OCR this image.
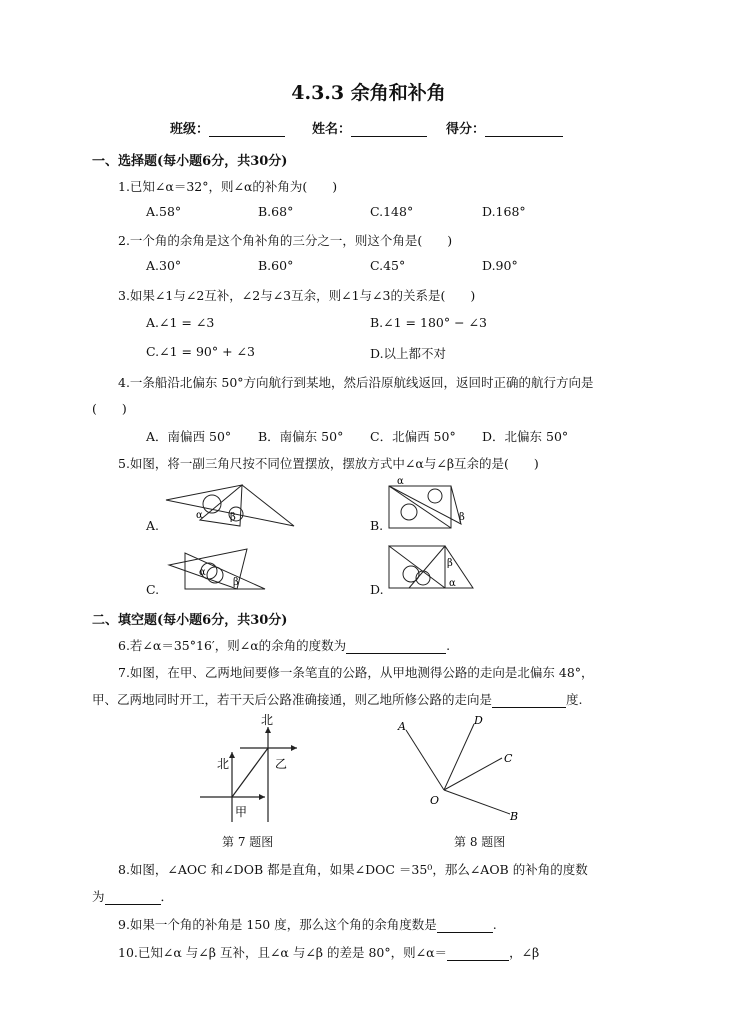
4.3.3 余角和补角
班级：	姓名：	得分：
一、选择题(每小题6分，共30分)
1.已知∠α＝32°，则∠α的补角为(　　)
A.58°	B.68°	C.148°	D.168°
2.一个角的余角是这个角补角的三分之一，则这个角是(　　)
A.30°	B.60°	C.45°	D.90°
3.如果∠1与∠2互补，∠2与∠3互余，则∠1与∠3的关系是(　　)
A.∠1 = ∠3	B.∠1 = 180° − ∠3
C.∠1 = 90° + ∠3	D.以上都不对
4.一条船沿北偏东 50°方向航行到某地，然后沿原航线返回，返回时正确的航行方向是
(　　)
A．南偏西 50° B．南偏东 50° C．北偏西 50° D．北偏东 50°
5.如图，将一副三角尺按不同位置摆放，摆放方式中∠α与∠β互余的是(　　)
A.
α	β
B.
α
β
C.
α
β	D.
β
α
二、填空题(每小题6分，共30分)
6.若∠α＝35°16′，则∠α的余角的度数为	.
7.如图，在甲、乙两地间要修一条笔直的公路，从甲地测得公路的走向是北偏东 48°，
甲、乙两地同时开工，若干天后公路准确接通，则乙地所修公路的走向是	度.
北
北	乙
甲
第 7 题图
A	D
C
O
B
第 8 题图
8.如图，∠AOC 和∠DOB 都是直角，如果∠DOC ＝35⁰，那么∠AOB 的补角的度数
为	．
9.如果一个角的补角是 150 度，那么这个角的余角度数是	.
10.已知∠α 与∠β 互补，且∠α 与∠β 的差是 80°，则∠α＝	，∠β
